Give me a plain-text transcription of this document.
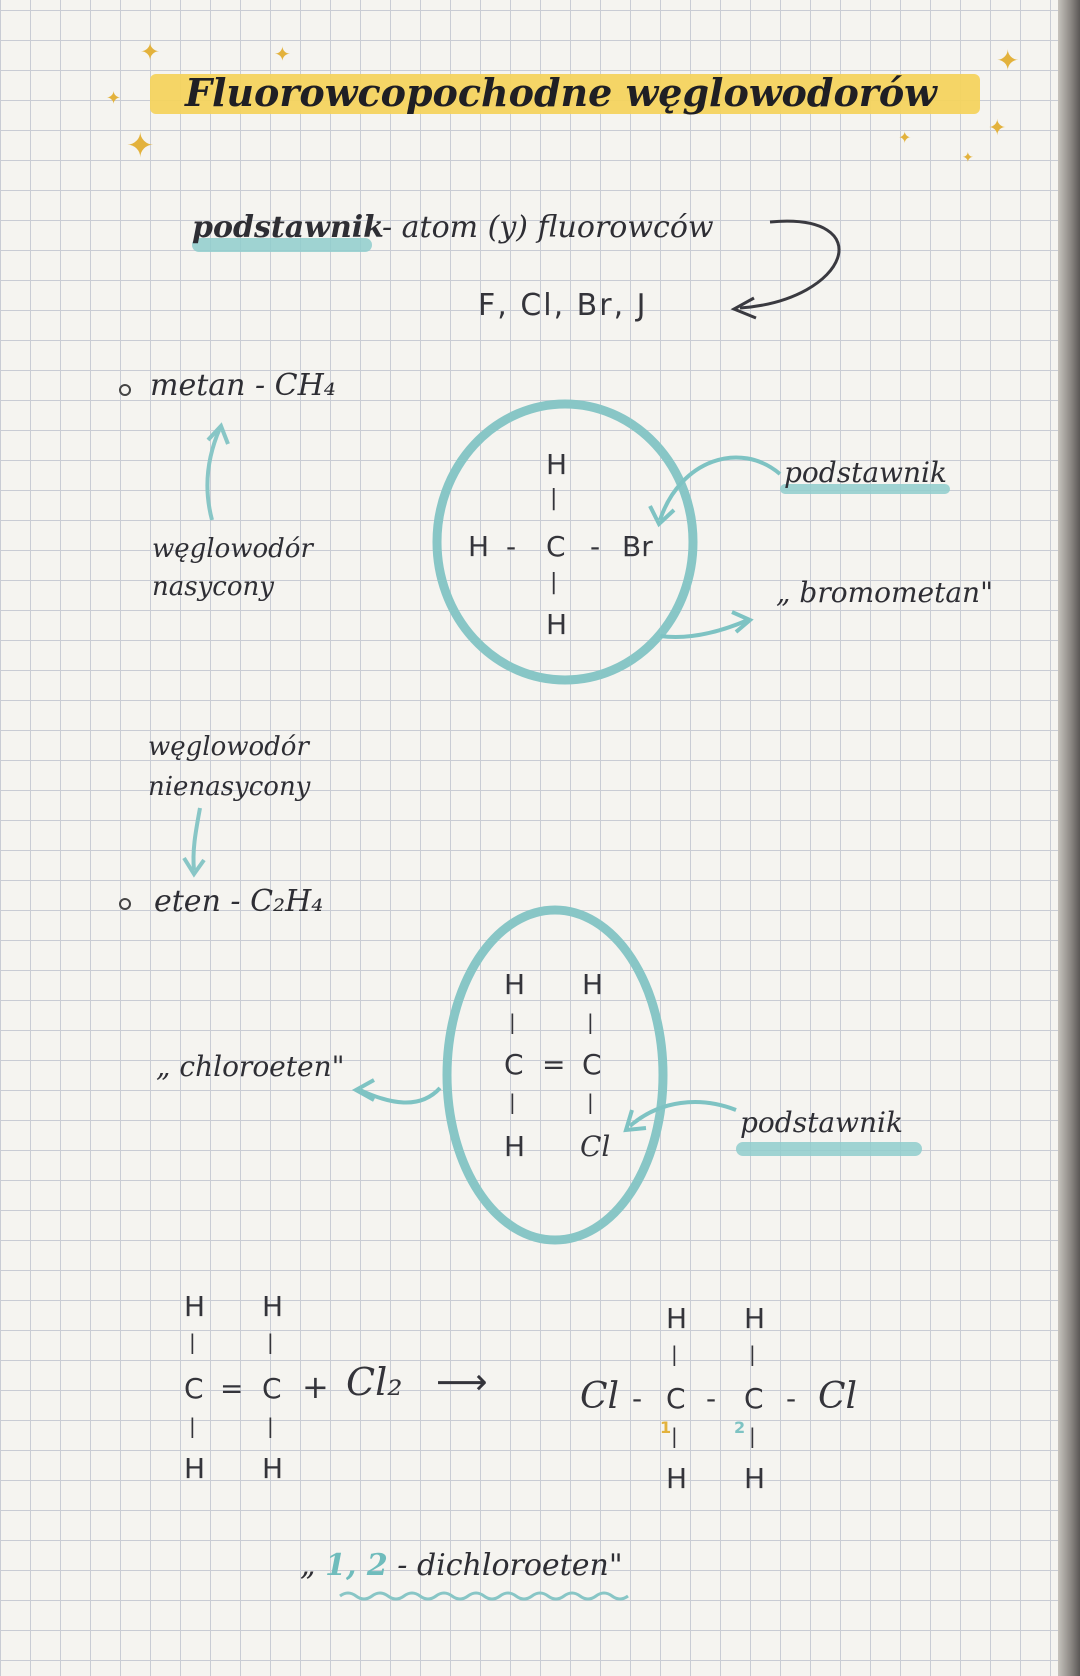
Fluorowcopochodne węglowodorów
✦
✦	✦
✦
✦
✦
✦
✦
podstawnik
- atom (y) fluorowców
F, Cl, Br, J
metan - CH₄
węglowodór
nasycony
H
|
H - C - Br
|
H
podstawnik
„ bromometan"
węglowodór
nienasycony
eten - C₂H₄
„ chloroeten"
H H
|	|
C = C
|	|
H Cl
podstawnik
H H
|	|
C = C + Cl₂ ⟶
|	|
H H
H H
|	|
Cl - C - C - Cl
1	2
|	|
H H
„ 1, 2 - dichloroeten"
